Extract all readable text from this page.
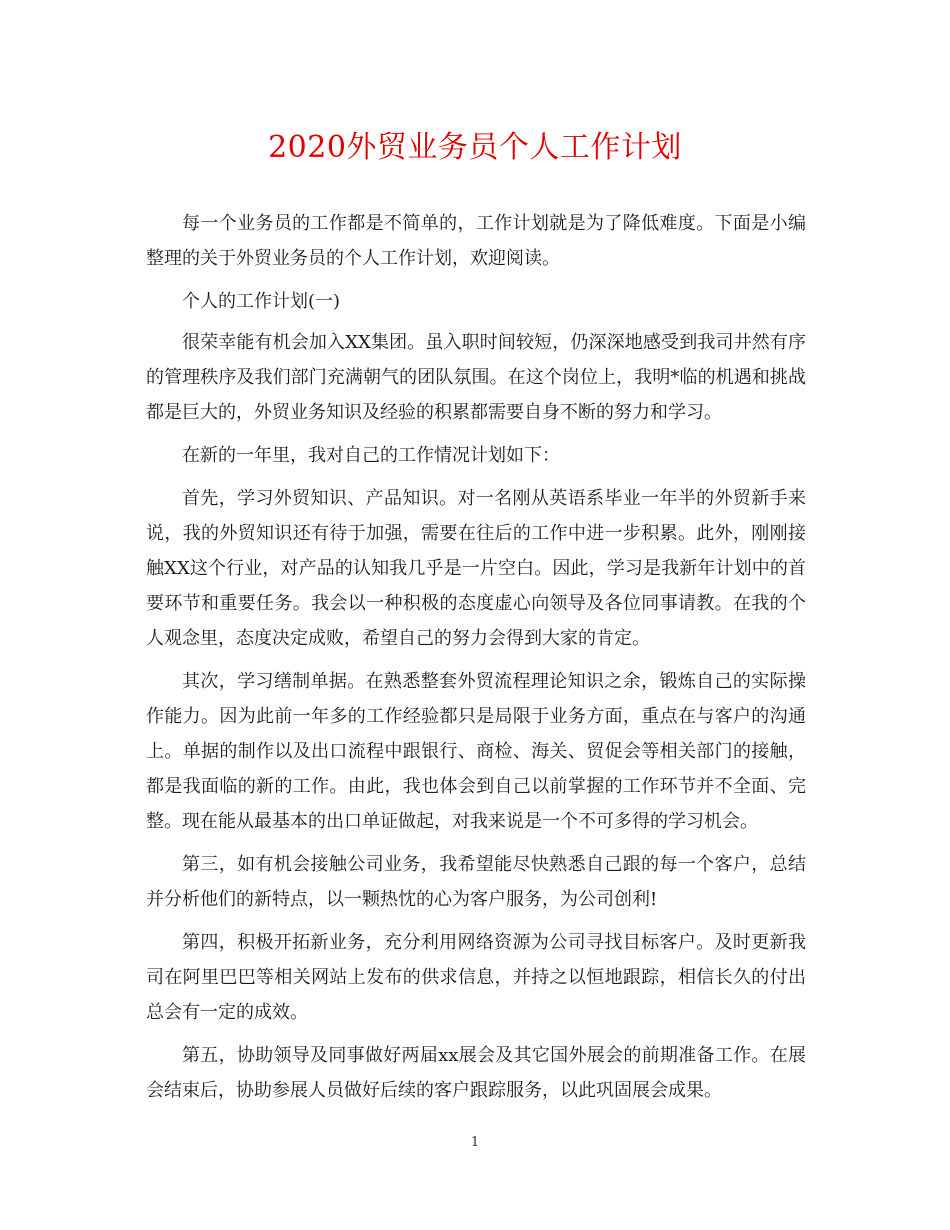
2020外贸业务员个人工作计划

每一个业务员的工作都是不简单的，工作计划就是为了降低难度。下面是小编整理的关于外贸业务员的个人工作计划，欢迎阅读。

个人的工作计划(一)

很荣幸能有机会加入XX集团。虽入职时间较短，仍深深地感受到我司井然有序的管理秩序及我们部门充满朝气的团队氛围。在这个岗位上，我明*临的机遇和挑战都是巨大的，外贸业务知识及经验的积累都需要自身不断的努力和学习。

在新的一年里，我对自己的工作情况计划如下：

首先，学习外贸知识、产品知识。对一名刚从英语系毕业一年半的外贸新手来说，我的外贸知识还有待于加强，需要在往后的工作中进一步积累。此外，刚刚接触XX这个行业，对产品的认知我几乎是一片空白。因此，学习是我新年计划中的首要环节和重要任务。我会以一种积极的态度虚心向领导及各位同事请教。在我的个人观念里，态度决定成败，希望自己的努力会得到大家的肯定。

其次，学习缮制单据。在熟悉整套外贸流程理论知识之余，锻炼自己的实际操作能力。因为此前一年多的工作经验都只是局限于业务方面，重点在与客户的沟通上。单据的制作以及出口流程中跟银行、商检、海关、贸促会等相关部门的接触，都是我面临的新的工作。由此，我也体会到自己以前掌握的工作环节并不全面、完整。现在能从最基本的出口单证做起，对我来说是一个不可多得的学习机会。

第三，如有机会接触公司业务，我希望能尽快熟悉自己跟的每一个客户，总结并分析他们的新特点，以一颗热忱的心为客户服务，为公司创利!

第四，积极开拓新业务，充分利用网络资源为公司寻找目标客户。及时更新我司在阿里巴巴等相关网站上发布的供求信息，并持之以恒地跟踪，相信长久的付出总会有一定的成效。

第五，协助领导及同事做好两届xx展会及其它国外展会的前期准备工作。在展会结束后，协助参展人员做好后续的客户跟踪服务，以此巩固展会成果。

1
